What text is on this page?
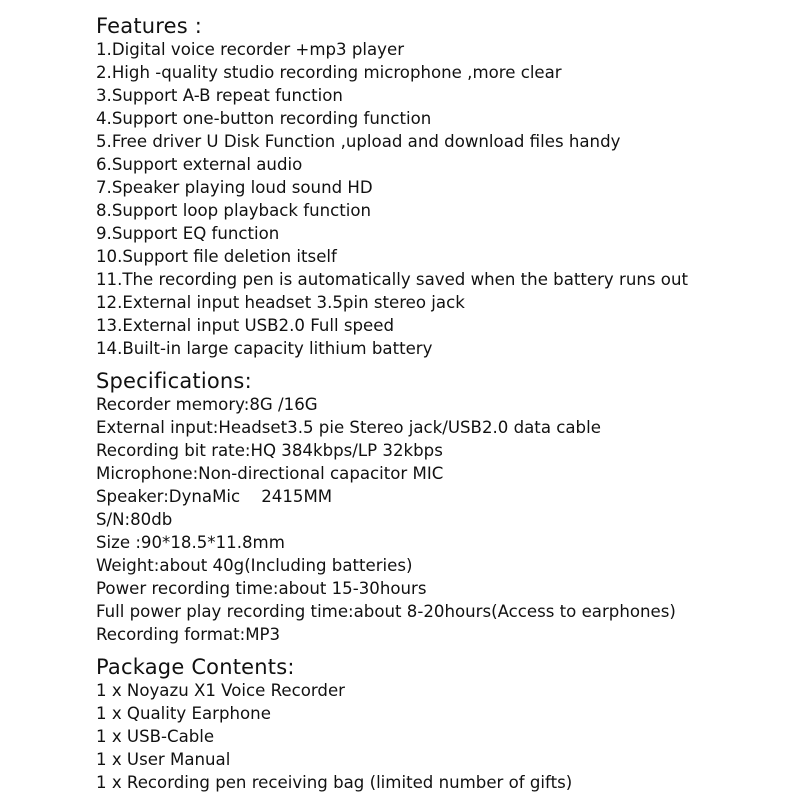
Features :
1.Digital voice recorder +mp3 player
2.High -quality studio recording microphone ,more clear
3.Support A-B repeat function
4.Support one-button recording function
5.Free driver U Disk Function ,upload and download files handy
6.Support external audio
7.Speaker playing loud sound HD
8.Support loop playback function
9.Support EQ function
10.Support file deletion itself
11.The recording pen is automatically saved when the battery runs out
12.External input headset 3.5pin stereo jack
13.External input USB2.0 Full speed
14.Built-in large capacity lithium battery
Specifications:
Recorder memory:8G /16G
External input:Headset3.5 pie Stereo jack/USB2.0 data cable
Recording bit rate:HQ 384kbps/LP 32kbps
Microphone:Non-directional capacitor MIC
Speaker:DynaMic    2415MM
S/N:80db
Size :90*18.5*11.8mm
Weight:about 40g(Including batteries)
Power recording time:about 15-30hours
Full power play recording time:about 8-20hours(Access to earphones)
Recording format:MP3
Package Contents:
1 x Noyazu X1 Voice Recorder
1 x Quality Earphone
1 x USB-Cable
1 x User Manual
1 x Recording pen receiving bag (limited number of gifts)
